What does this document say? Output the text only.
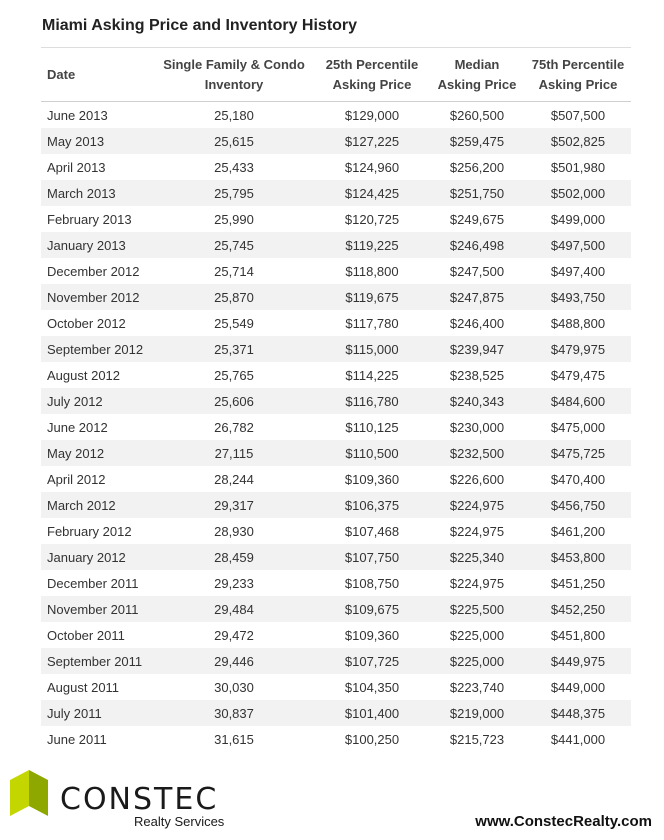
Miami Asking Price and Inventory History
Date	Single Family & Condo Inventory	25th Percentile Asking Price	Median Asking Price	75th Percentile Asking Price
June 2013	25,180	$129,000	$260,500	$507,500
May 2013	25,615	$127,225	$259,475	$502,825
April 2013	25,433	$124,960	$256,200	$501,980
March 2013	25,795	$124,425	$251,750	$502,000
February 2013	25,990	$120,725	$249,675	$499,000
January 2013	25,745	$119,225	$246,498	$497,500
December 2012	25,714	$118,800	$247,500	$497,400
November 2012	25,870	$119,675	$247,875	$493,750
October 2012	25,549	$117,780	$246,400	$488,800
September 2012	25,371	$115,000	$239,947	$479,975
August 2012	25,765	$114,225	$238,525	$479,475
July 2012	25,606	$116,780	$240,343	$484,600
June 2012	26,782	$110,125	$230,000	$475,000
May 2012	27,115	$110,500	$232,500	$475,725
April 2012	28,244	$109,360	$226,600	$470,400
March 2012	29,317	$106,375	$224,975	$456,750
February 2012	28,930	$107,468	$224,975	$461,200
January 2012	28,459	$107,750	$225,340	$453,800
December 2011	29,233	$108,750	$224,975	$451,250
November 2011	29,484	$109,675	$225,500	$452,250
October 2011	29,472	$109,360	$225,000	$451,800
September 2011	29,446	$107,725	$225,000	$449,975
August 2011	30,030	$104,350	$223,740	$449,000
July 2011	30,837	$101,400	$219,000	$448,375
June 2011	31,615	$100,250	$215,723	$441,000
CONSTEC
Realty Services	www.ConstecRealty.com
